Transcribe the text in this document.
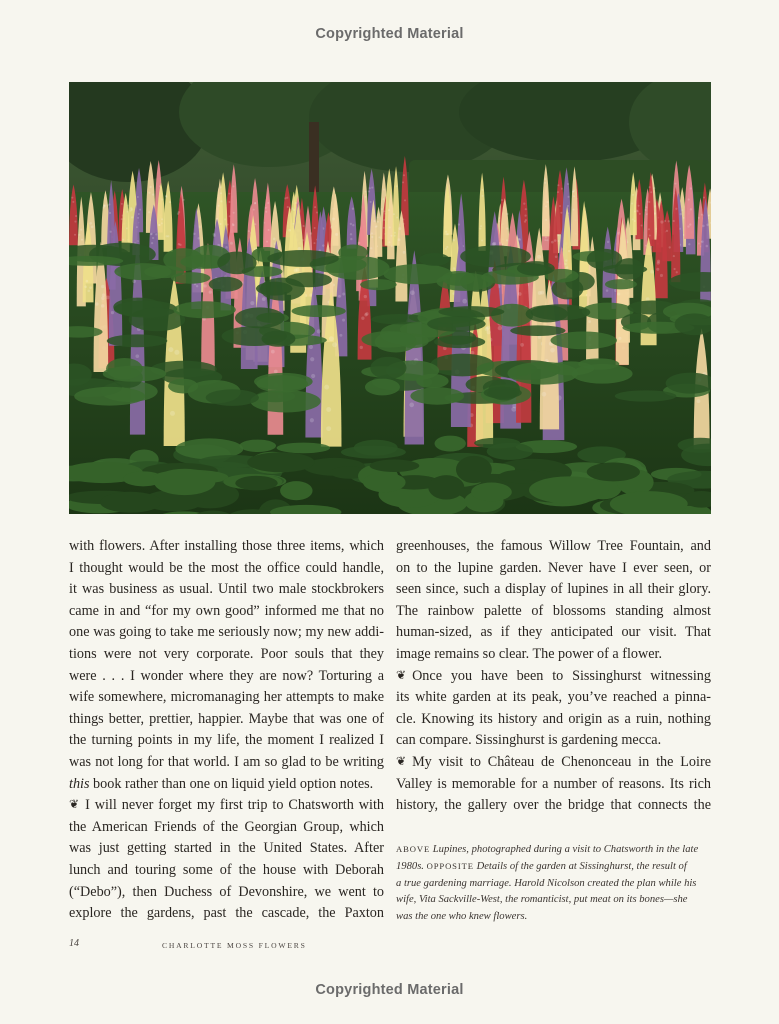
Copyrighted Material

with flowers. After installing those three items, which
I thought would be the most the office could handle,
it was business as usual. Until two male stockbrokers
came in and “for my own good” informed me that no
one was going to take me seriously now; my new addi-
tions were not very corporate. Poor souls that they
were . . . I wonder where they are now? Torturing a
wife somewhere, micromanaging her attempts to make
things better, prettier, happier. Maybe that was one of
the turning points in my life, the moment I realized I
was not long for that world. I am so glad to be writing
this book rather than one on liquid yield option notes.

❦ I will never forget my first trip to Chatsworth with
the American Friends of the Georgian Group, which
was just getting started in the United States. After
lunch and touring some of the house with Deborah
(“Debo”), then Duchess of Devonshire, we went to
explore the gardens, past the cascade, the Paxton

greenhouses, the famous Willow Tree Fountain, and
on to the lupine garden. Never have I ever seen, or
seen since, such a display of lupines in all their glory.
The rainbow palette of blossoms standing almost
human-sized, as if they anticipated our visit. That
image remains so clear. The power of a flower.

❦ Once you have been to Sissinghurst witnessing
its white garden at its peak, you’ve reached a pinna-
cle. Knowing its history and origin as a ruin, nothing
can compare. Sissinghurst is gardening mecca.

❦ My visit to Château de Chenonceau in the Loire
Valley is memorable for a number of reasons. Its rich
history, the gallery over the bridge that connects the

ABOVE Lupines, photographed during a visit to Chatsworth in the late
1980s. OPPOSITE Details of the garden at Sissinghurst, the result of
a true gardening marriage. Harold Nicolson created the plan while his
wife, Vita Sackville-West, the romanticist, put meat on its bones—she
was the one who knew flowers.
14	CHARLOTTE MOSS FLOWERS
Copyrighted Material
